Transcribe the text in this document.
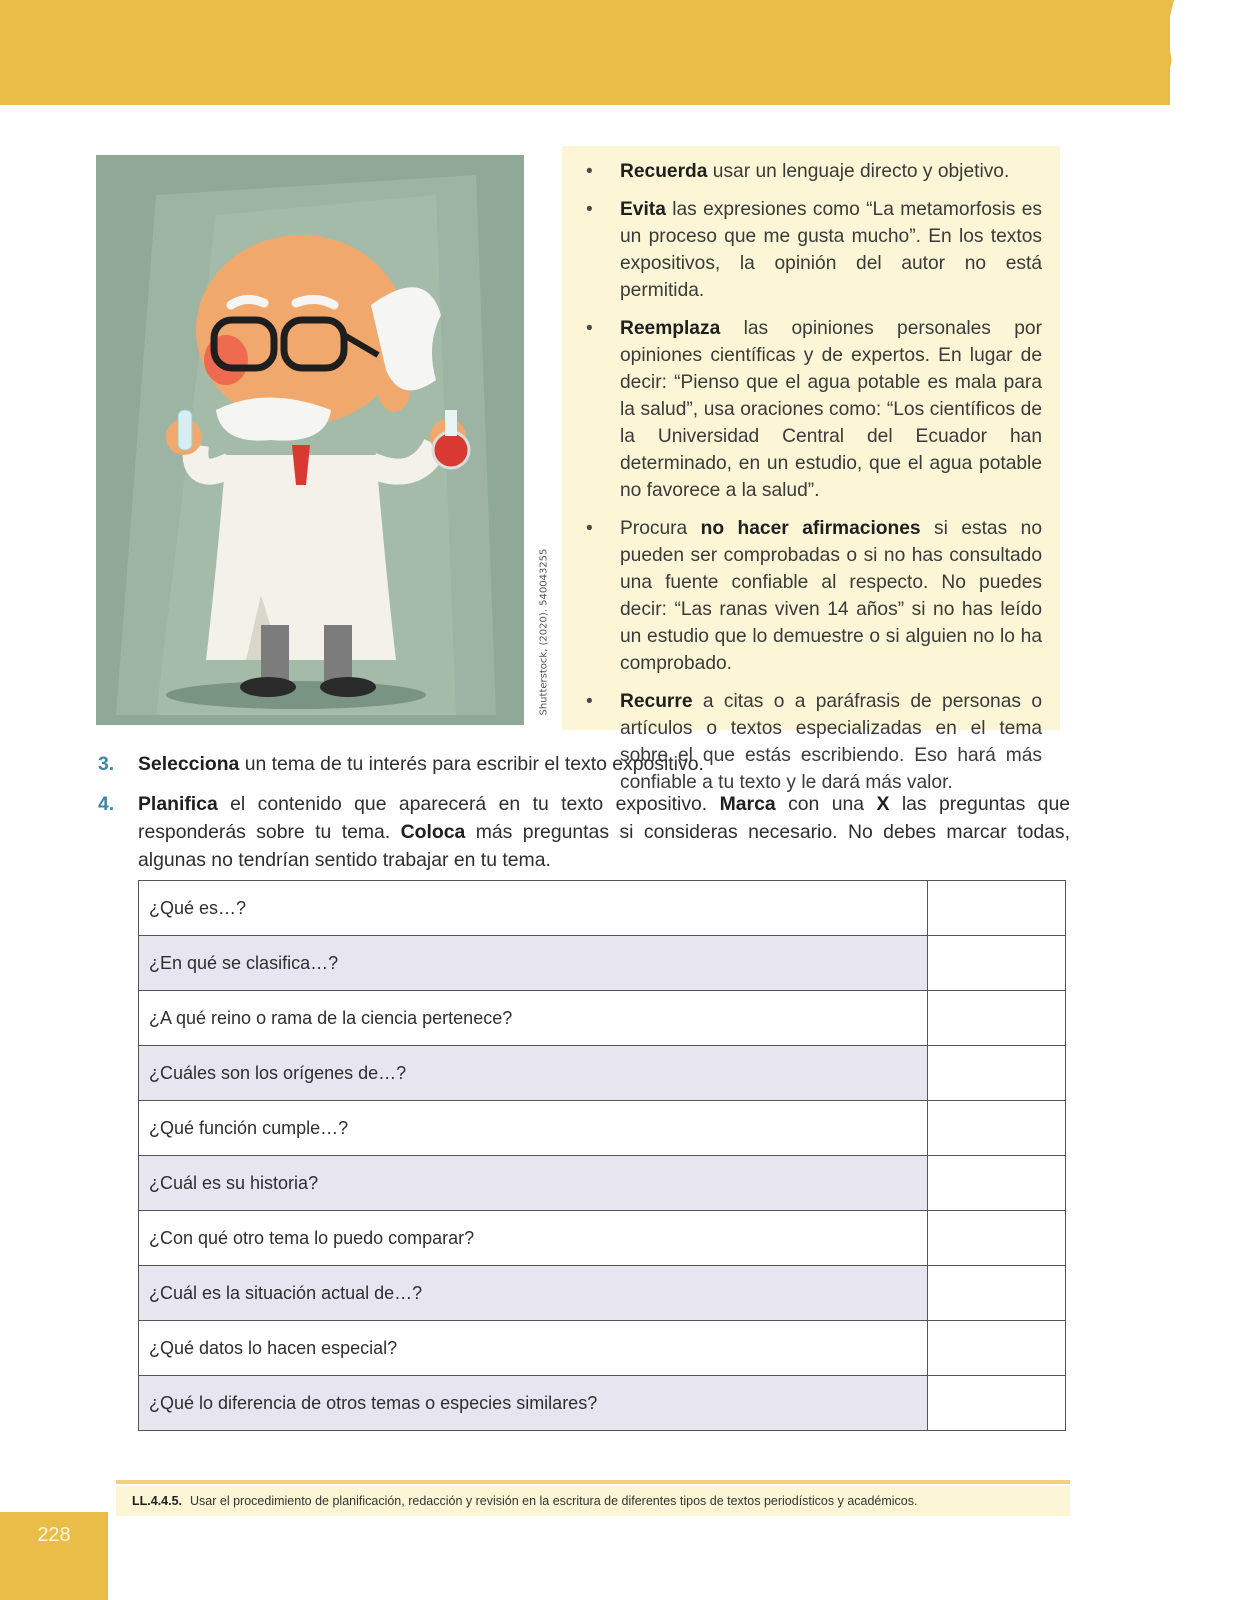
Shutterstock, (2020). 540043255
• Recuerda usar un lenguaje directo y objetivo.
• Evita las expresiones como “La metamorfosis es un proceso que me gusta mucho”. En los textos expositivos, la opinión del autor no está permitida.
• Reemplaza las opiniones personales por opiniones científicas y de expertos. En lugar de decir: “Pienso que el agua potable es mala para la salud”, usa oraciones como: “Los científicos de la Universidad Central del Ecuador han determinado, en un estudio, que el agua potable no favorece a la salud”.
• Procura no hacer afirmaciones si estas no pueden ser comprobadas o si no has consultado una fuente confiable al respecto. No puedes decir: “Las ranas viven 14 años” si no has leído un estudio que lo demuestre o si alguien no lo ha comprobado.
• Recurre a citas o a paráfrasis de personas o artículos o textos especializadas en el tema sobre el que estás escribiendo. Eso hará más confiable a tu texto y le dará más valor.
3. Selecciona un tema de tu interés para escribir el texto expositivo.
4. Planifica el contenido que aparecerá en tu texto expositivo. Marca con una X las preguntas que responderás sobre tu tema. Coloca más preguntas si consideras necesario. No debes marcar todas, algunas no tendrían sentido trabajar en tu tema.
¿Qué es…?	
¿En qué se clasifica…?	
¿A qué reino o rama de la ciencia pertenece?	
¿Cuáles son los orígenes de…?	
¿Qué función cumple…?	
¿Cuál es su historia?	
¿Con qué otro tema lo puedo comparar?	
¿Cuál es la situación actual de…?	
¿Qué datos lo hacen especial?	
¿Qué lo diferencia de otros temas o especies similares?	
LL.4.4.5. Usar el procedimiento de planificación, redacción y revisión en la escritura de diferentes tipos de textos periodísticos y académicos.
228
